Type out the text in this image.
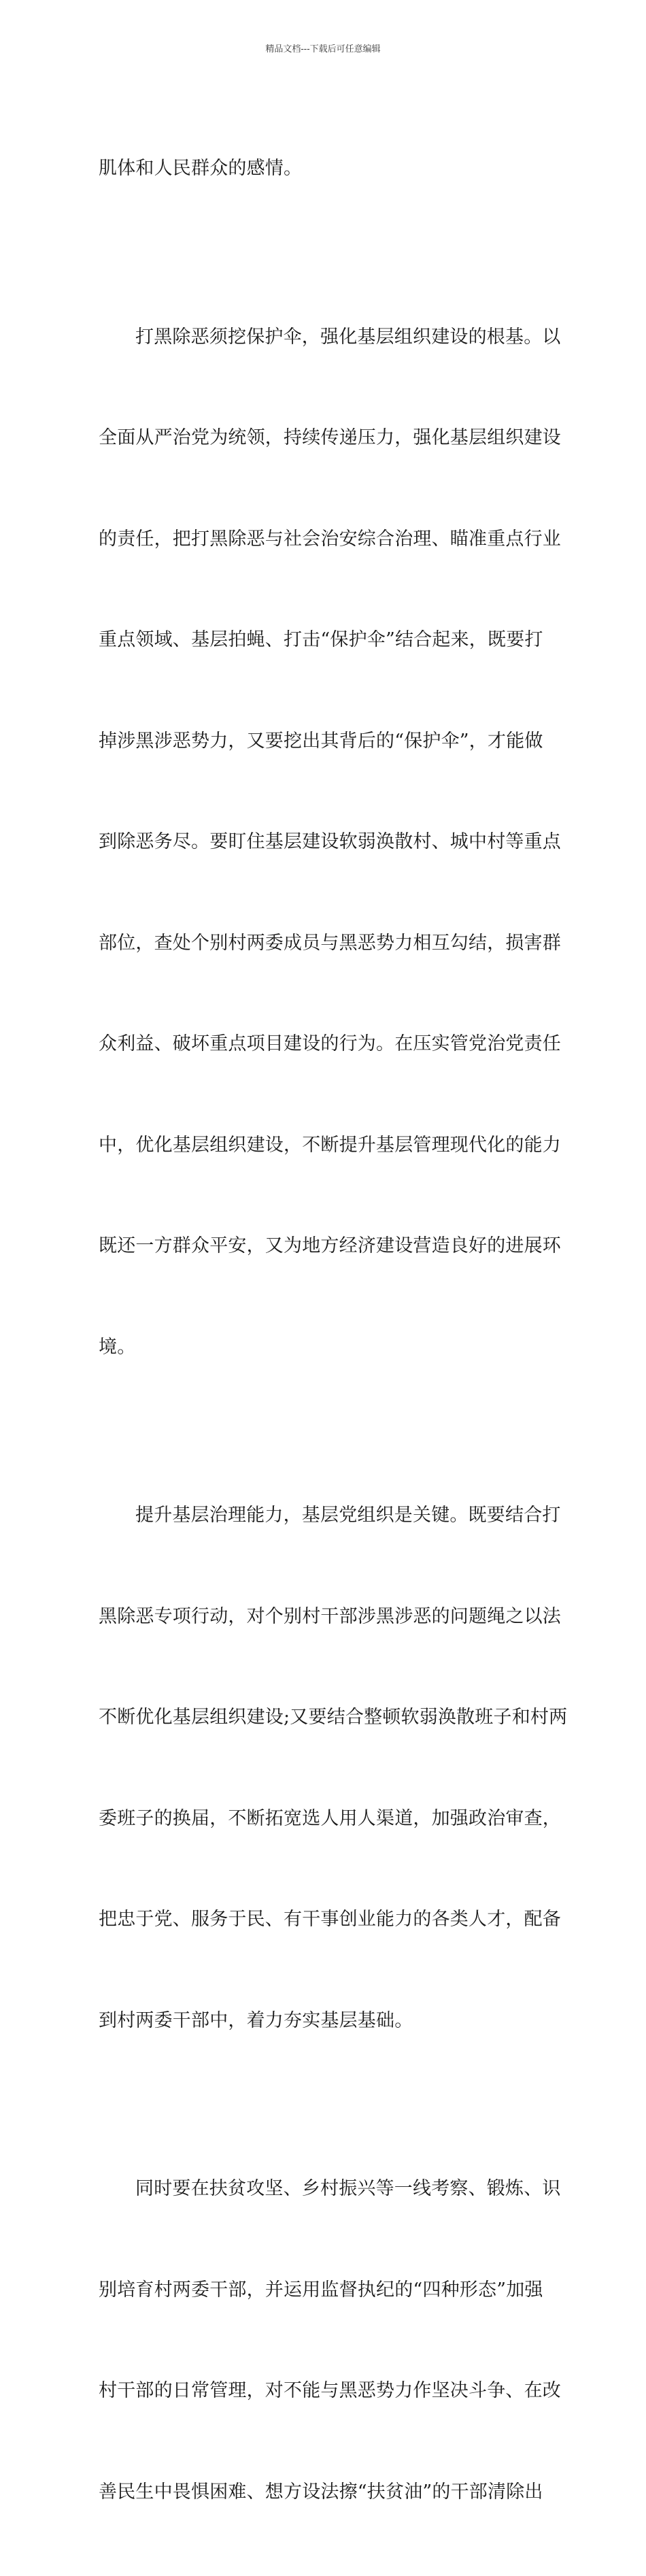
精品文档---下载后可任意编辑

肌体和人民群众的感情。

打黑除恶须挖保护伞，强化基层组织建设的根基。以

全面从严治党为统领，持续传递压力，强化基层组织建设

的责任，把打黑除恶与社会治安综合治理、瞄准重点行业

重点领域、基层拍蝇、打击“保护伞”结合起来，既要打

掉涉黑涉恶势力，又要挖出其背后的“保护伞”，才能做

到除恶务尽。要盯住基层建设软弱涣散村、城中村等重点

部位，查处个别村两委成员与黑恶势力相互勾结，损害群

众利益、破坏重点项目建设的行为。在压实管党治党责任

中，优化基层组织建设，不断提升基层管理现代化的能力

既还一方群众平安，又为地方经济建设营造良好的进展环

境。

提升基层治理能力，基层党组织是关键。既要结合打

黑除恶专项行动，对个别村干部涉黑涉恶的问题绳之以法

不断优化基层组织建设;又要结合整顿软弱涣散班子和村两

委班子的换届，不断拓宽选人用人渠道，加强政治审查，

把忠于党、服务于民、有干事创业能力的各类人才，配备

到村两委干部中，着力夯实基层基础。

同时要在扶贫攻坚、乡村振兴等一线考察、锻炼、识

别培育村两委干部，并运用监督执纪的“四种形态”加强

村干部的日常管理，对不能与黑恶势力作坚决斗争、在改

善民生中畏惧困难、想方设法擦“扶贫油”的干部清除出
